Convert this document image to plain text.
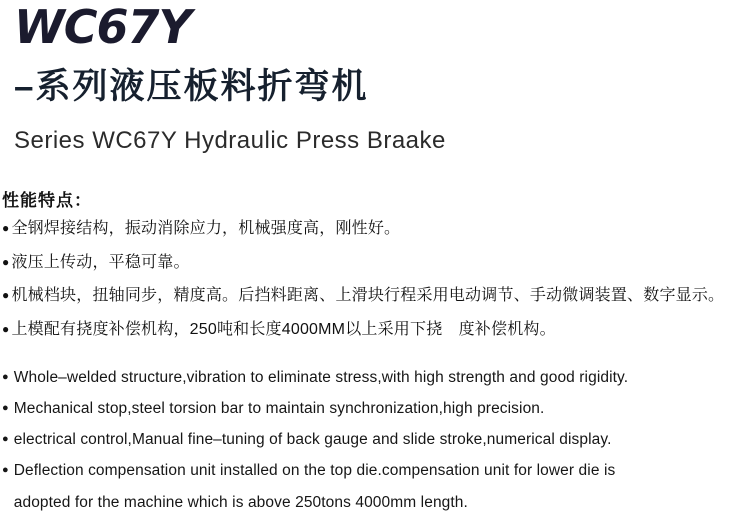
WC67Y
–系列液压板料折弯机
Series WC67Y Hydraulic Press Braake
性能特点：
● 全钢焊接结构，振动消除应力，机械强度高，刚性好。
● 液压上传动，平稳可靠。
● 机械档块，扭轴同步，精度高。后挡料距离、上滑块行程采用电动调节、手动微调装置、数字显示。
● 上模配有挠度补偿机构，250吨和长度4000MM以上采用下挠　度补偿机构。
● Whole–welded structure,vibration to eliminate stress,with high strength and good rigidity.
● Mechanical stop,steel torsion bar to maintain synchronization,high precision.
● electrical control,Manual fine–tuning of back gauge and slide stroke,numerical display.
● Deflection compensation unit installed on the top die.compensation unit for lower die is
adopted for the machine which is above 250tons 4000mm length.
